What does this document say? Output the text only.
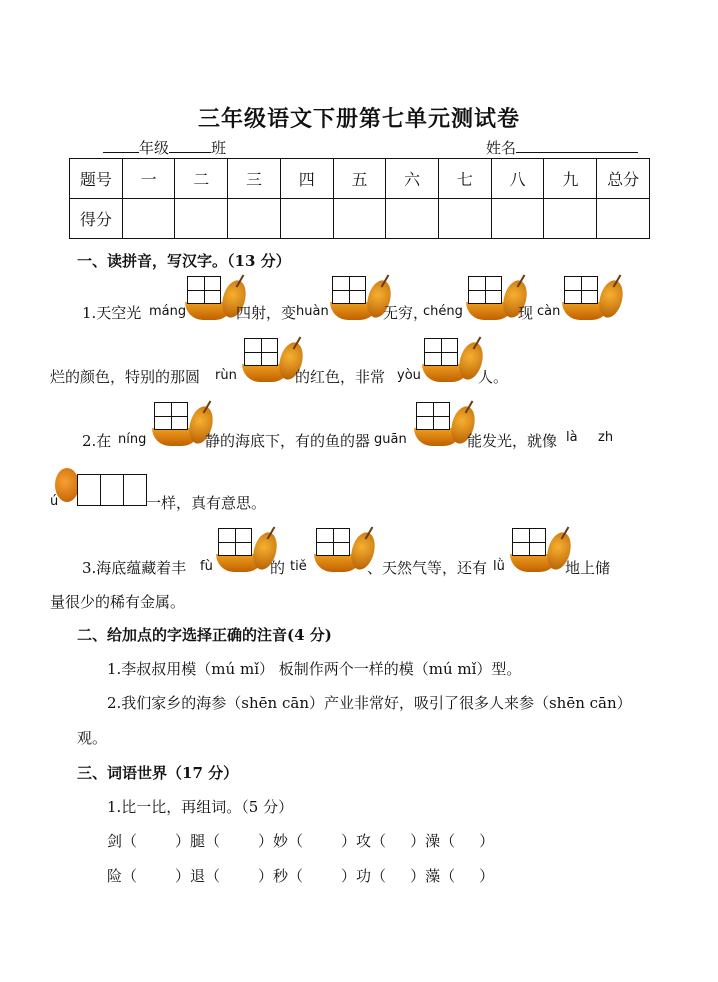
三年级语文下册第七单元测试卷
年级	班	姓名
题号	一	二	三	四	五	六	七	八	九	总分
得分										
一、读拼音，写汉字。（13 分）
1.天空光 máng	四射，变 huàn	无穷，
chéng	现 càn
烂的颜色，特别的那圆 rùn	的红色，非常 yòu	人。
2.在 níng	静的海底下，有的鱼的器 guān	能发光，就像 là zh
ú	一样，真有意思。
3.海底蕴藏着丰 fù	的 tiě	、天然气等，还有 lǜ	地上储
量很少的稀有金属。
二、给加点的字选择正确的注音(4 分)
1.李叔叔用模（mú mǐ） 板制作两个一样的模（mú mǐ）型。
2.我们家乡的海参（shēn cān）产业非常好，吸引了很多人来参（shēn cān）
观。
三、词语世界（17 分）
1.比一比，再组词。（5 分）
剑（	）腿（	）妙（	）攻（ ）澡（ ）
险（	）退（	）秒（	）功（ ）藻（ ）
